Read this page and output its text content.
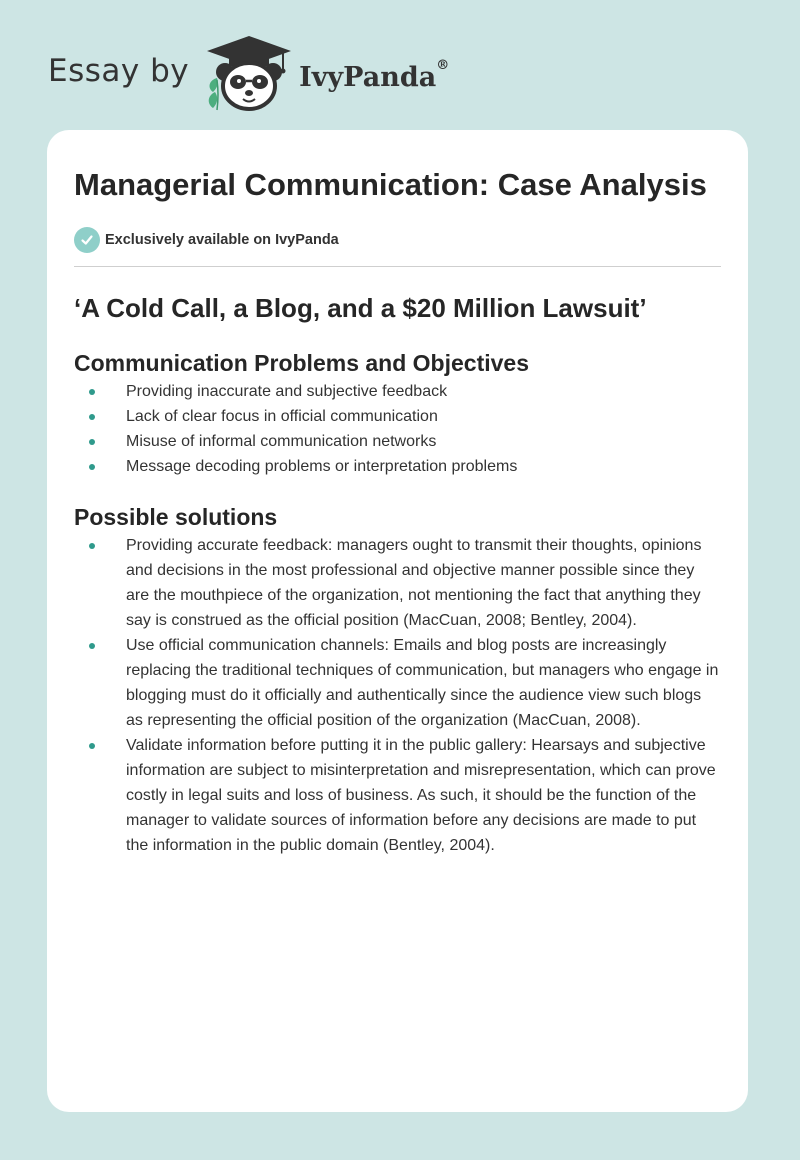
Essay by	IvyPanda®
Managerial Communication: Case Analysis
Exclusively available on IvyPanda
‘A Cold Call, a Blog, and a $20 Million Lawsuit’
Communication Problems and Objectives
Providing inaccurate and subjective feedback
Lack of clear focus in official communication
Misuse of informal communication networks
Message decoding problems or interpretation problems
Possible solutions
Providing accurate feedback: managers ought to transmit their thoughts, opinions and decisions in the most professional and objective manner possible since they are the mouthpiece of the organization, not mentioning the fact that anything they say is construed as the official position (MacCuan, 2008; Bentley, 2004).
Use official communication channels: Emails and blog posts are increasingly replacing the traditional techniques of communication, but managers who engage in blogging must do it officially and authentically since the audience view such blogs as representing the official position of the organization (MacCuan, 2008).
Validate information before putting it in the public gallery: Hearsays and subjective information are subject to misinterpretation and misrepresentation, which can prove costly in legal suits and loss of business. As such, it should be the function of the manager to validate sources of information before any decisions are made to put the information in the public domain (Bentley, 2004).
